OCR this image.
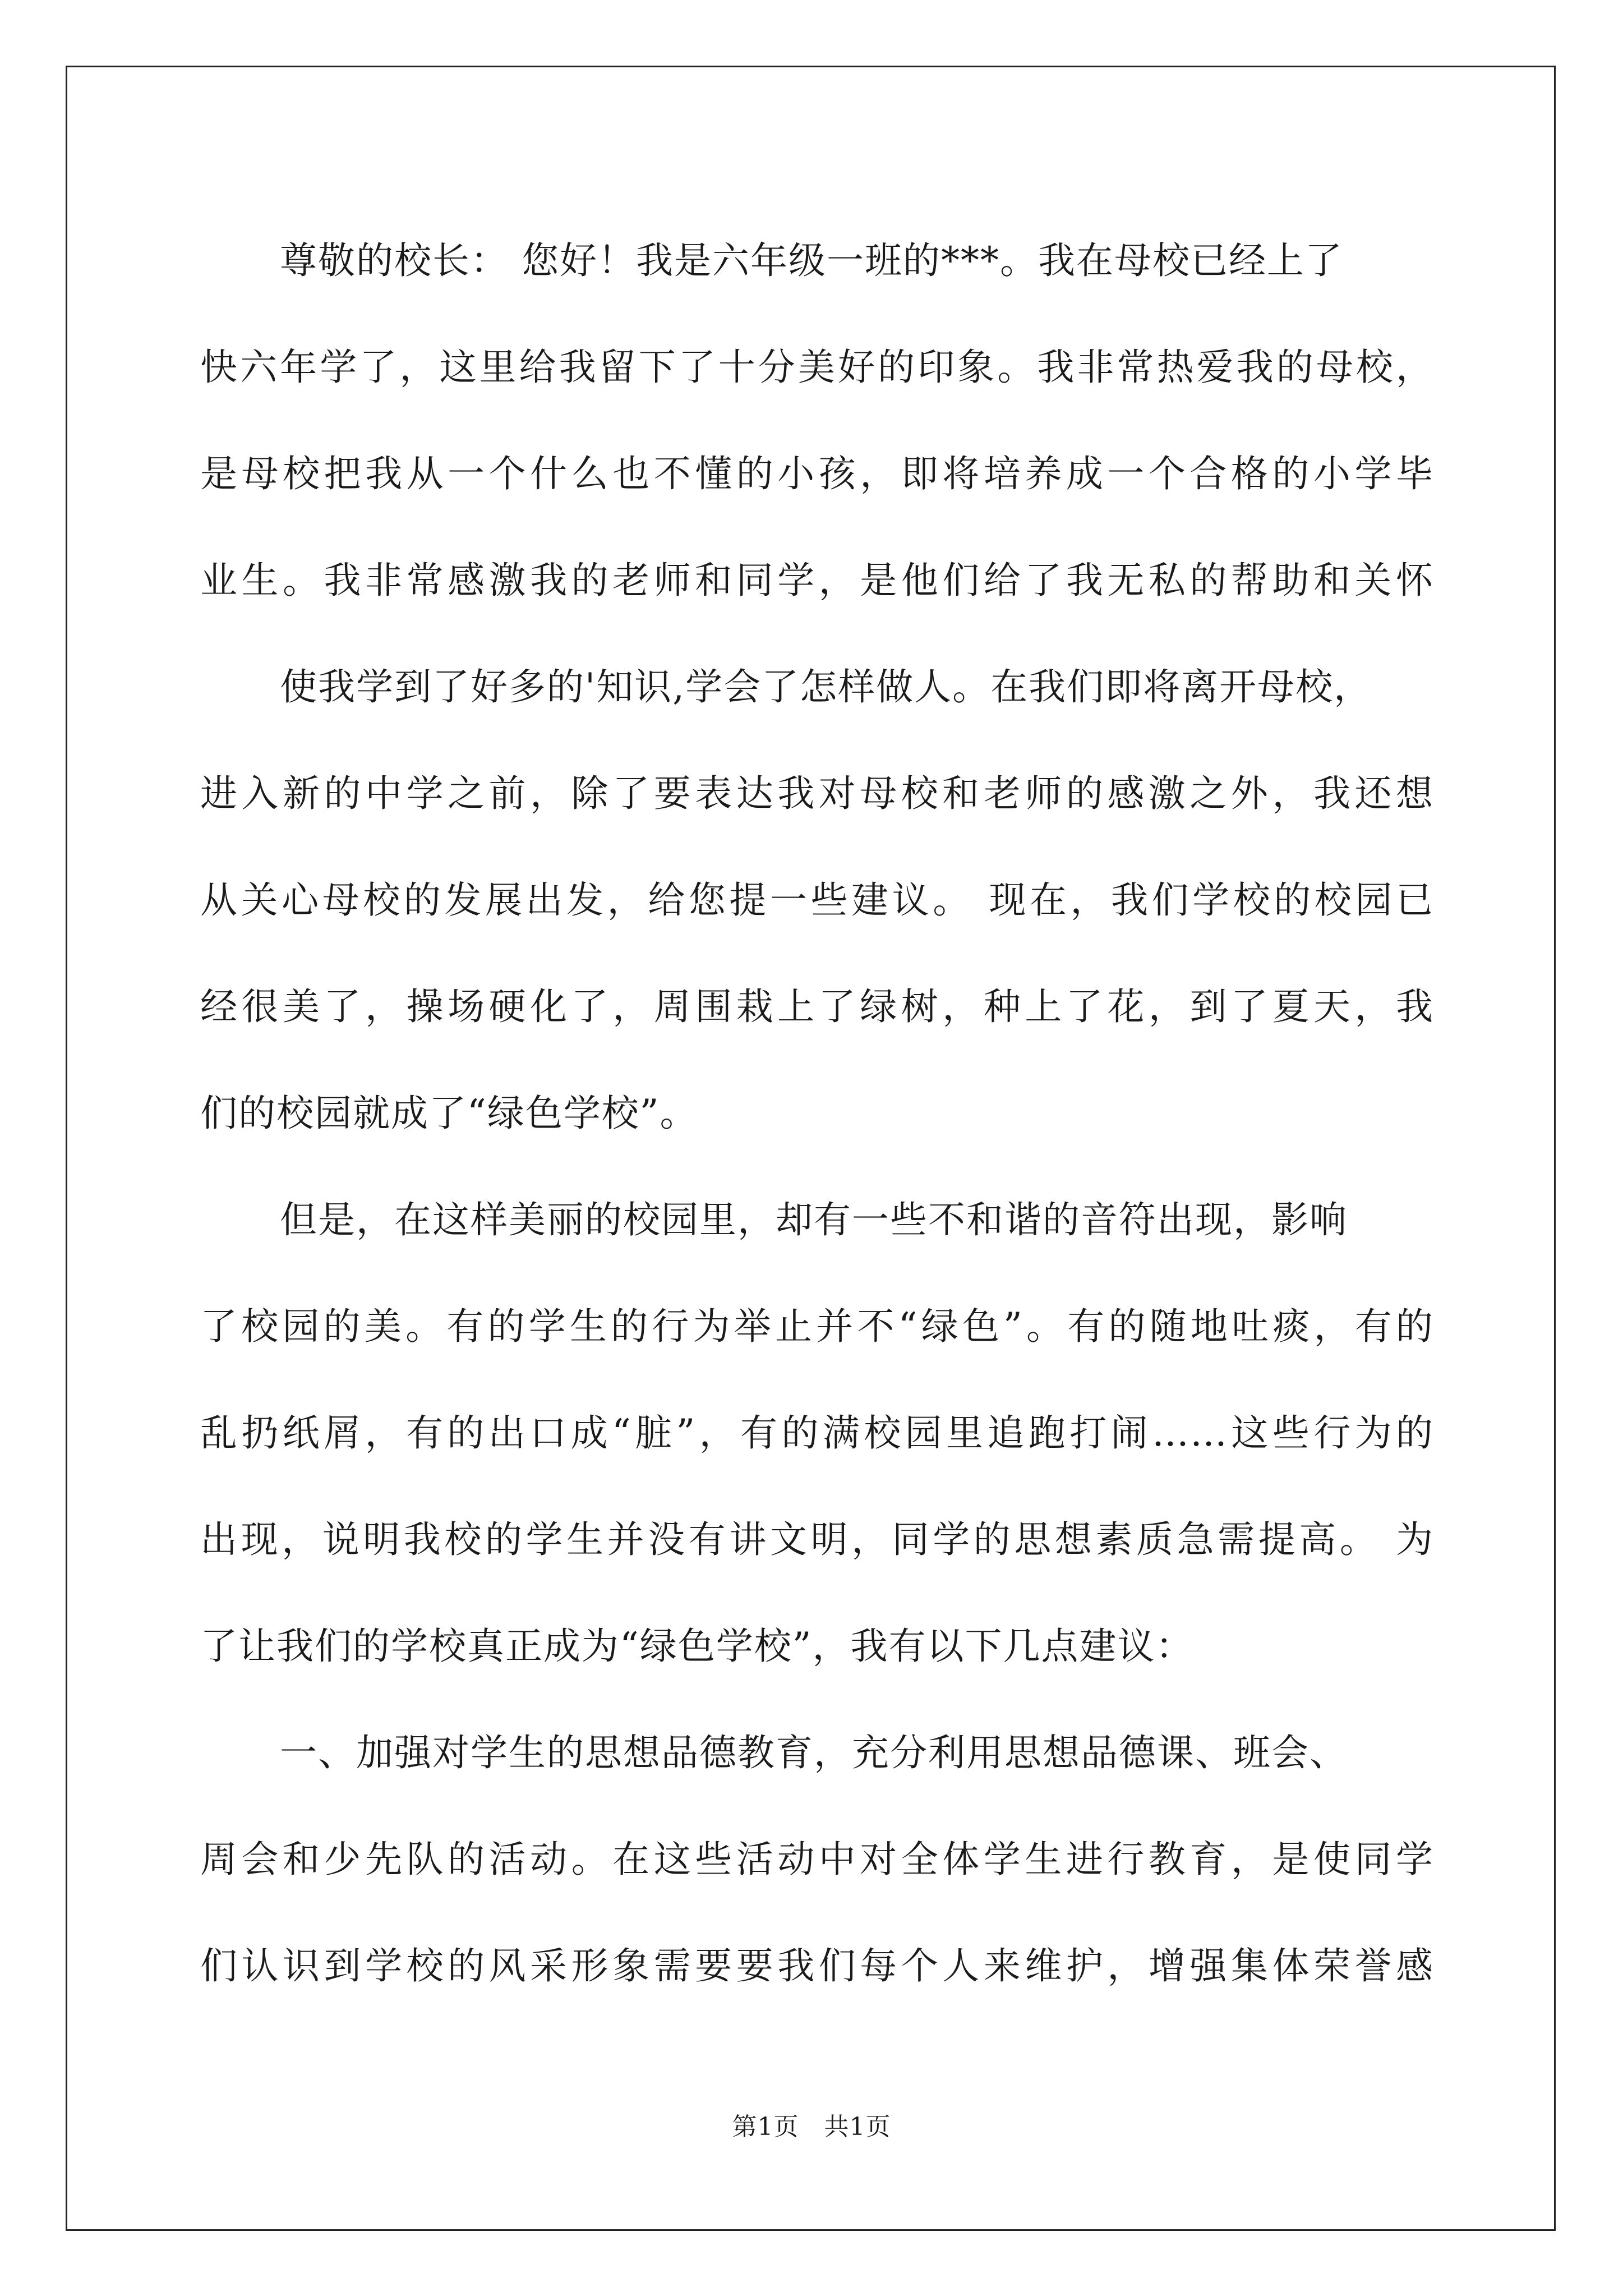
尊敬的校长： 您好！我是六年级一班的***。我在母校已经上了
快六年学了，这里给我留下了十分美好的印象。我非常热爱我的母校，
是母校把我从一个什么也不懂的小孩，即将培养成一个合格的小学毕
业生。我非常感激我的老师和同学，是他们给了我无私的帮助和关怀
使我学到了好多的'知识,学会了怎样做人。在我们即将离开母校，
进入新的中学之前，除了要表达我对母校和老师的感激之外，我还想
从关心母校的发展出发，给您提一些建议。 现在，我们学校的校园已
经很美了，操场硬化了，周围栽上了绿树，种上了花，到了夏天，我
们的校园就成了“绿色学校”。
但是，在这样美丽的校园里，却有一些不和谐的音符出现，影响
了校园的美。有的学生的行为举止并不“绿色”。有的随地吐痰，有的
乱扔纸屑，有的出口成“脏”，有的满校园里追跑打闹……这些行为的
出现，说明我校的学生并没有讲文明，同学的思想素质急需提高。 为
了让我们的学校真正成为“绿色学校”，我有以下几点建议：
一、加强对学生的思想品德教育，充分利用思想品德课、班会、
周会和少先队的活动。在这些活动中对全体学生进行教育，是使同学
们认识到学校的风采形象需要要我们每个人来维护，增强集体荣誉感
第1页   共1页
